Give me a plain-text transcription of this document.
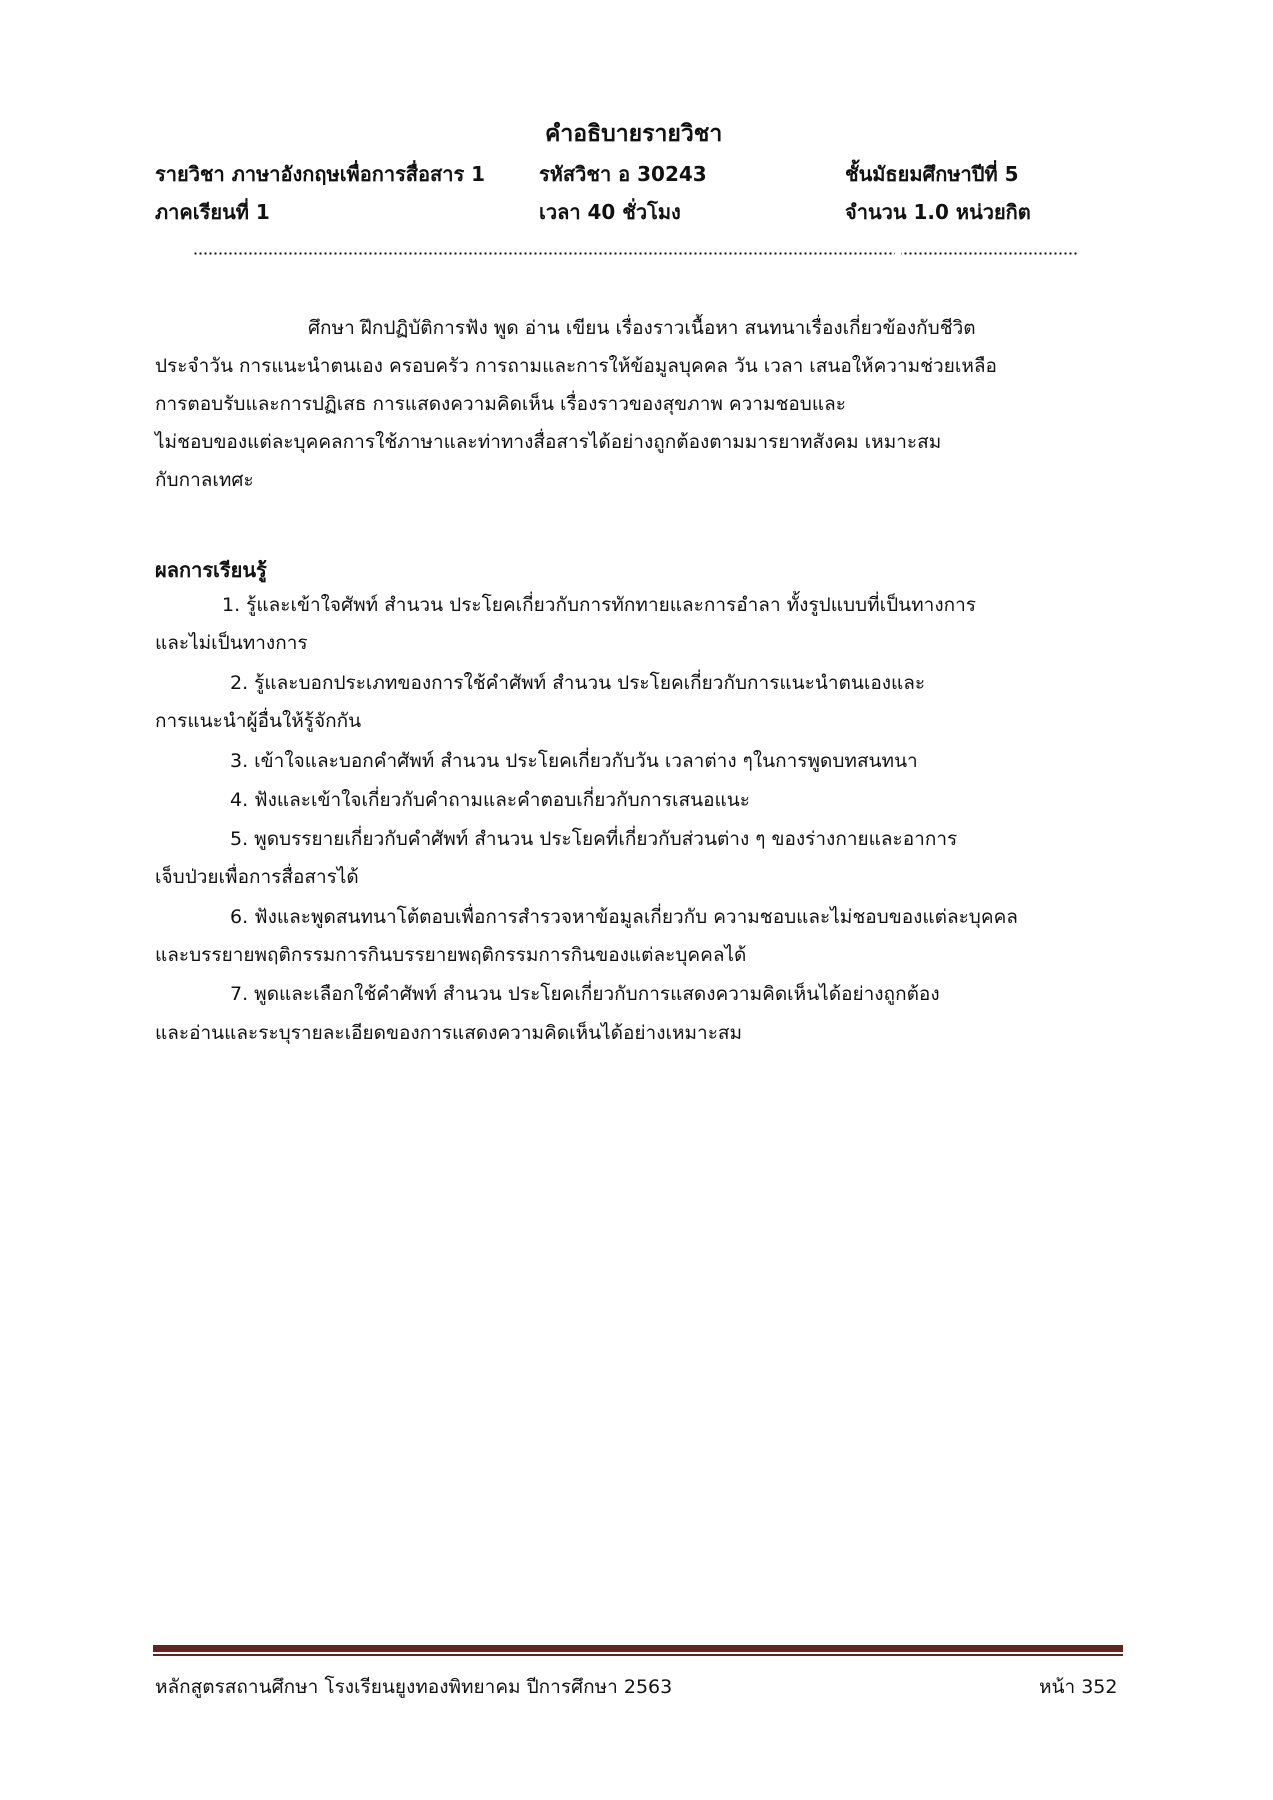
คำอธิบายรายวิชา
รายวิชา ภาษาอังกฤษเพื่อการสื่อสาร 1	รหัสวิชา อ 30243	ชั้นมัธยมศึกษาปีที่ 5
ภาคเรียนที่ 1	เวลา 40 ชั่วโมง	จำนวน 1.0 หน่วยกิต
ศึกษา ฝึกปฏิบัติการฟัง พูด อ่าน เขียน เรื่องราวเนื้อหา สนทนาเรื่องเกี่ยวข้องกับชีวิต
ประจำวัน การแนะนำตนเอง ครอบครัว การถามและการให้ข้อมูลบุคคล วัน เวลา เสนอให้ความช่วยเหลือ
การตอบรับและการปฏิเสธ การแสดงความคิดเห็น เรื่องราวของสุขภาพ ความชอบและ
ไม่ชอบของแต่ละบุคคลการใช้ภาษาและท่าทางสื่อสารได้อย่างถูกต้องตามมารยาทสังคม เหมาะสม
กับกาลเทศะ
ผลการเรียนรู้
1. รู้และเข้าใจศัพท์ สำนวน ประโยคเกี่ยวกับการทักทายและการอำลา ทั้งรูปแบบที่เป็นทางการ
และไม่เป็นทางการ
2. รู้และบอกประเภทของการใช้คำศัพท์ สำนวน ประโยคเกี่ยวกับการแนะนำตนเองและ
การแนะนำผู้อื่นให้รู้จักกัน
3. เข้าใจและบอกคำศัพท์ สำนวน ประโยคเกี่ยวกับวัน เวลาต่าง ๆในการพูดบทสนทนา
4. ฟังและเข้าใจเกี่ยวกับคำถามและคำตอบเกี่ยวกับการเสนอแนะ
5. พูดบรรยายเกี่ยวกับคำศัพท์ สำนวน ประโยคที่เกี่ยวกับส่วนต่าง ๆ ของร่างกายและอาการ
เจ็บป่วยเพื่อการสื่อสารได้
6. ฟังและพูดสนทนาโต้ตอบเพื่อการสำรวจหาข้อมูลเกี่ยวกับ ความชอบและไม่ชอบของแต่ละบุคคล
และบรรยายพฤติกรรมการกินบรรยายพฤติกรรมการกินของแต่ละบุคคลได้
7. พูดและเลือกใช้คำศัพท์ สำนวน ประโยคเกี่ยวกับการแสดงความคิดเห็นได้อย่างถูกต้อง
และอ่านและระบุรายละเอียดของการแสดงความคิดเห็นได้อย่างเหมาะสม
หลักสูตรสถานศึกษา โรงเรียนยูงทองพิทยาคม ปีการศึกษา 2563	หน้า 352
